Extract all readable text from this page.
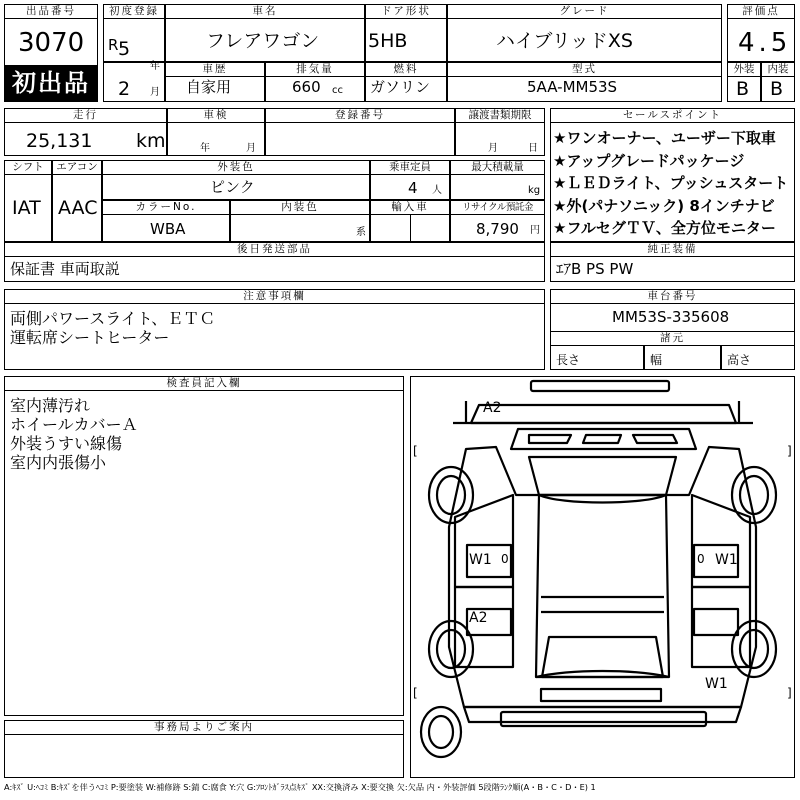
出品番号
3070
初出品
初度登録
R 5
年
車名
フレアワゴン
ドア形状
5HB
グレード
ハイブリッドXS
評価点
4.5
2 月
車歴
自家用
排気量
660 cc
燃料
ガソリン
型式
5AA-MM53S
外装
B
内装
B
走行
25,131 km
車検
年	月
登録番号	譲渡書類期限
月	日
シフト
IAT
エアコン
AAC
外装色
ピンク
乗車定員
4 人
最大積載量
kg
カラーNo.
WBA
内装色
系
輸入車	リサイクル預託金
8,790 円
後日発送部品
保証書 車両取説
セールスポイント
★ワンオーナー、ユーザー下取車
★アップグレードパッケージ
★ＬＥＤライト、プッシュスタート
★外(パナソニック) 8インチナビ
★フルセグＴＶ、全方位モニター
純正装備
ｴｱB PS PW
注意事項欄
両側パワースライト、ＥＴＣ
運転席シートヒーター
車台番号
MM53S-335608
諸元
長さ	幅	高さ
検査員記入欄
室内薄汚れ
ホイールカバーＡ
外装うすい線傷
室内内張傷小
事務局よりご案内
A2
W1 0	W1
0
A2
W1
[	]
[	]
A:ｷｽﾞ U:ﾍｺﾐ B:ｷｽﾞを伴うﾍｺﾐ P:要塗装 W:補修跡 S:錆 C:腐食 Y:穴 G:ﾌﾛﾝﾄｶﾞﾗｽ点ｷｽﾞ XX:交換済み X:要交換 欠:欠品 内・外装評価 5段階ﾗﾝｸ順(A・B・C・D・E) 1
